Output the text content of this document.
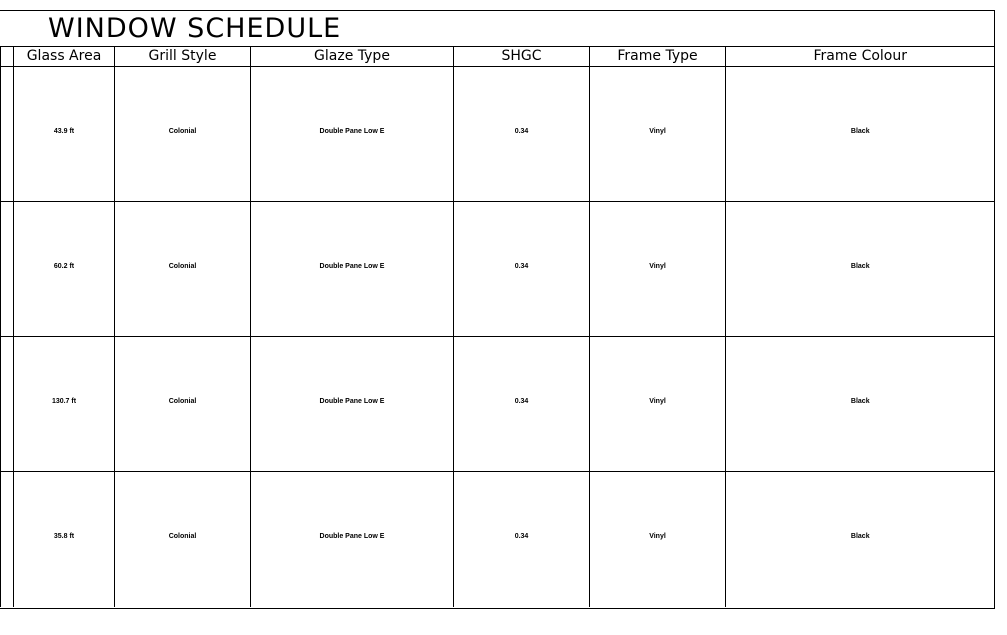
WINDOW SCHEDULE
	Glass Area	Grill Style	Glaze Type	SHGC	Frame Type	Frame Colour
	43.9 ft	Colonial	Double Pane Low E	0.34	Vinyl	Black
	60.2 ft	Colonial	Double Pane Low E	0.34	Vinyl	Black
	130.7 ft	Colonial	Double Pane Low E	0.34	Vinyl	Black
	35.8 ft	Colonial	Double Pane Low E	0.34	Vinyl	Black
